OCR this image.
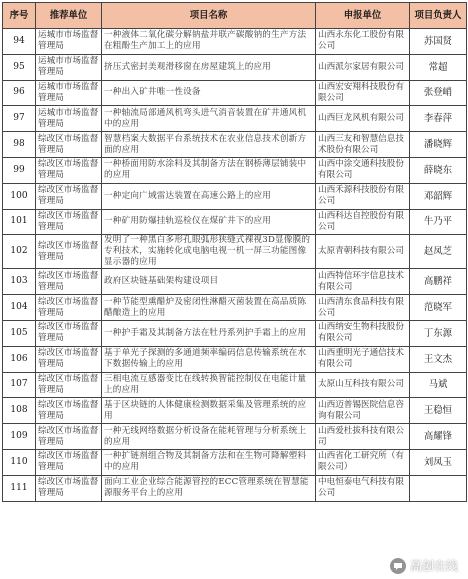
序号	推荐单位	项目名称	申报单位	项目负责人
94	运城市市场监督管理局	一种液体二氧化碳分解钠盐并联产碳酸钠的生产方法在粗酚生产加工上的应用	山西永东化工股份有限公司	苏国贤
95	运城市市场监督管理局	挤压式密封美观滑移窗在房屋建筑上的应用	山西派尔家居有限公司	常超
96	运城市市场监督管理局	一种出入矿井唯一性设备	山西宏安翔科技股份有限公司	张登峭
97	运城市市场监督管理局	一种轴流局部通风机弯头进气消音装置在矿井通风机中的应用	山西巨龙风机有限公司	李春萍
98	综改区市场监督管理局	智慧档案大数据平台系统技术在农业信息技术创新方面的应用	山西三友和智慧信息技术股份有限公司	潘晓辉
99	综改区市场监督管理局	一种桥面用防水涂料及其制备方法在钢桥薄层铺装中的应用	山西中涂交通科技股份有限公司	薛晓东
100	综改区市场监督管理局	一种定向广域雷达装置在高速公路上的应用	山西禾源科技股份有限公司	邓韶辉
101	综改区市场监督管理局	一种矿用防爆挂轨巡检仪在煤矿井下的应用	山西科达自控股份有限公司	牛乃平
102	综改区市场监督管理局	发明了一种黑白多形孔眼弧形狭缝式裸视3D显像膜的专利技术，实施转化成电脑电视一机一屏三功能图像显示器的应用	太原青朝科技有限公司	赵凤芝
103	综改区市场监督管理局	政府区块链基础架构建设项目	山西特信环宇信息技术有限公司	高鹏祥
104	综改区市场监督管理局	一种节能型熏醋炉及密闭性淋醋灭菌装置在高品质陈醋酿造上的应用	山西清东食品科技有限公司	范晓军
105	综改区市场监督管理局	一种护手霜及其制备方法在牡丹系列护手霜上的应用	山西纳安生物科技股份有限公司	丁东源
106	综改区市场监督管理局	基于单光子探测的多通道频率编码信息传输系统在水下数据传输上的应用	山西重明光子通信技术有限公司	王文杰
107	综改区市场监督管理局	三相电流互感器变比在线转换智能控制仪在电能计量上的应用	太原山互科技有限公司	马斌
108	综改区市场监督管理局	基于区块链的人体健康检测数据采集及管理系统的应用	山西迈普锡医院信息咨询有限公司	王稳恒
109	综改区市场监督管理局	一种无线网络数据分析设备在能耗管理与分析系统上的应用	山西爱杜拔科技有限公司	高耀锋
110	综改区市场监督管理局	一种扩链剂组合物及其制备方法和在生物可降解塑料中的应用	山西省化工研究所（有限公司）	刘凤玉
111	综改区市场监督管理局	面向工业企业综合能源管控的ECC管理系统在智慧能源服务平台上的应用	中电恒泰电气科技有限公司	
高创在线
